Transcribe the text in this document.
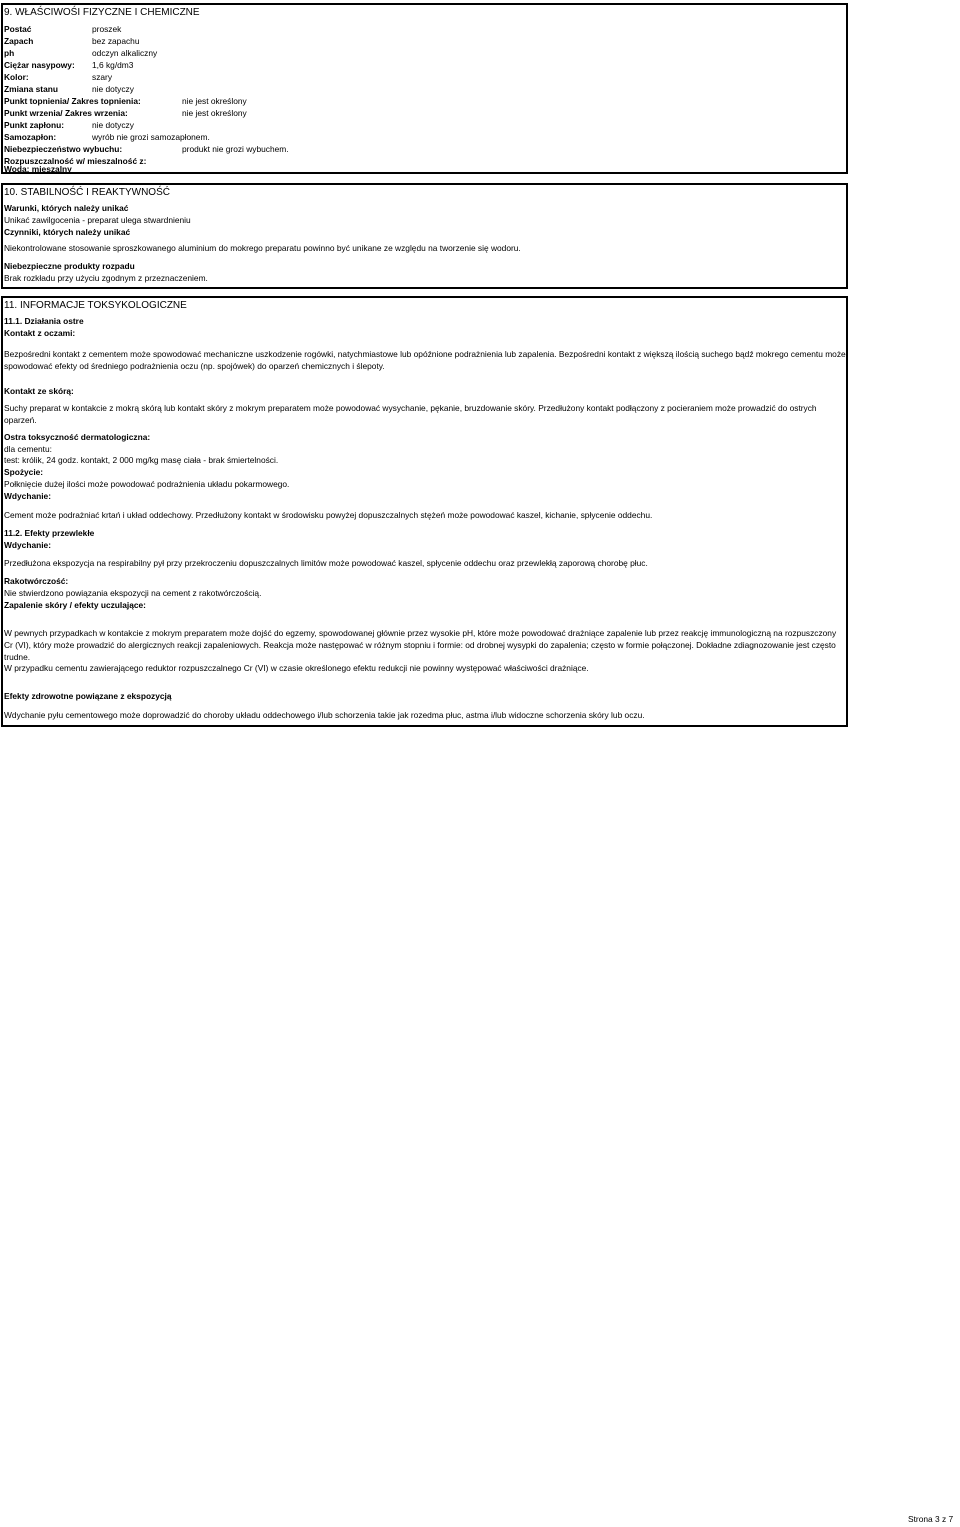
9. WŁAŚCIWOŚI FIZYCZNE I CHEMICZNE
Postać	proszek
Zapach	bez zapachu
ph	odczyn alkaliczny
Ciężar nasypowy: 1,6 kg/dm3
Kolor:	szary
Zmiana stanu	nie dotyczy
Punkt topnienia/ Zakres topnienia:	nie jest określony
Punkt wrzenia/ Zakres wrzenia:	nie jest określony
Punkt zapłonu:	nie dotyczy
Samozapłon:	wyrób nie grozi samozapłonem.
Niebezpieczeństwo wybuchu:	produkt nie grozi wybuchem.
Rozpuszczalność w/ mieszalność z:
Woda: mieszalny
10. STABILNOŚĆ I REAKTYWNOŚĆ
Warunki, których należy unikać
Unikać zawilgocenia - preparat ulega stwardnieniu
Czynniki, których należy unikać
Niekontrolowane stosowanie sproszkowanego aluminium do mokrego preparatu powinno być unikane ze względu na tworzenie się wodoru.
Niebezpieczne produkty rozpadu
Brak rozkładu przy użyciu zgodnym z przeznaczeniem.
11. INFORMACJE TOKSYKOLOGICZNE
11.1. Działania ostre
Kontakt z oczami:
Bezpośredni kontakt z cementem może spowodować mechaniczne uszkodzenie rogówki, natychmiastowe lub opóźnione podrażnienia lub zapalenia. Bezpośredni kontakt z większą ilością suchego bądź mokrego cementu może spowodować efekty od średniego podrażnienia oczu (np. spojówek) do oparzeń chemicznych i ślepoty.
Kontakt ze skórą:
Suchy preparat w kontakcie z mokrą skórą lub kontakt skóry z mokrym preparatem może powodować wysychanie, pękanie, bruzdowanie skóry. Przedłużony kontakt podłączony z pocieraniem może prowadzić do ostrych oparzeń.
Ostra toksyczność dermatologiczna:
dla cementu:
test: królik, 24 godz. kontakt, 2 000 mg/kg masę ciała - brak śmiertelności.
Spożycie:
Połknięcie dużej ilości może powodować podrażnienia układu pokarmowego.
Wdychanie:
Cement może podrażniać krtań i układ oddechowy. Przedłużony kontakt w środowisku powyżej dopuszczalnych stężeń może powodować kaszel, kichanie, spłycenie oddechu.
11.2. Efekty przewlekłe
Wdychanie:
Przedłużona ekspozycja na respirabilny pył przy przekroczeniu dopuszczalnych limitów może powodować kaszel, spłycenie oddechu oraz przewlekłą zaporową chorobę płuc.
Rakotwórczość:
Nie stwierdzono powiązania ekspozycji na cement z rakotwórczością.
Zapalenie skóry / efekty uczulające:
W pewnych przypadkach w kontakcie z mokrym preparatem może dojść do egzemy, spowodowanej głównie przez wysokie pH, które może powodować drażniące zapalenie lub przez reakcję immunologiczną na rozpuszczony Cr (VI), który może prowadzić do alergicznych reakcji zapaleniowych. Reakcja może następować w różnym stopniu i formie: od drobnej wysypki do zapalenia; często w formie połączonej. Dokładne zdiagnozowanie jest często trudne.
W przypadku cementu zawierającego reduktor rozpuszczalnego Cr (VI) w czasie określonego efektu redukcji nie powinny występować właściwości drażniące.
Efekty zdrowotne powiązane z ekspozycją
Wdychanie pyłu cementowego może doprowadzić do choroby układu oddechowego i/lub schorzenia takie jak rozedma płuc, astma i/lub widoczne schorzenia skóry lub oczu.
Strona 3 z 7
